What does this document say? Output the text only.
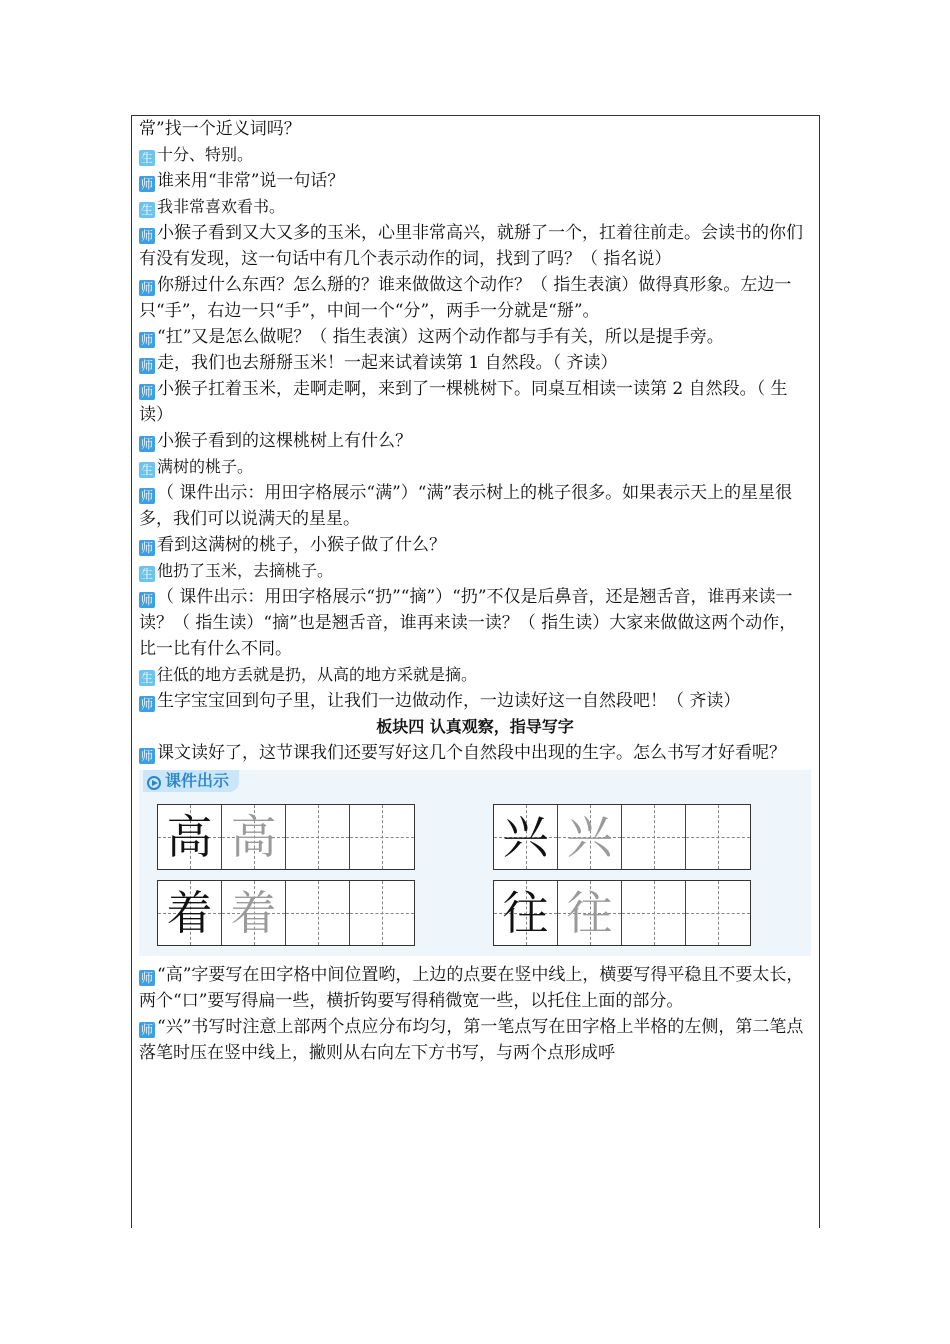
常”找一个近义词吗？

生 十分、特别。

师 谁来用“非常”说一句话？

生 我非常喜欢看书。

师 小猴子看到又大又多的玉米，心里非常高兴，就掰了一个，扛着往前走。会读书的你们有没有发现，这一句话中有几个表示动作的词，找到了吗？（ 指名说）

师 你掰过什么东西？怎么掰的？谁来做做这个动作？（ 指生表演）做得真形象。左边一只“手”，右边一只“手”，中间一个“分”，两手一分就是“掰”。

师 “扛”又是怎么做呢？（ 指生表演）这两个动作都与手有关，所以是提手旁。

师 走，我们也去掰掰玉米！一起来试着读第 1 自然段。（ 齐读）

师 小猴子扛着玉米，走啊走啊，来到了一棵桃树下。同桌互相读一读第 2 自然段。（ 生读）

师 小猴子看到的这棵桃树上有什么？

生 满树的桃子。

师 （ 课件出示：用田字格展示“满”）“满”表示树上的桃子很多。如果表示天上的星星很多，我们可以说满天的星星。

师 看到这满树的桃子，小猴子做了什么？

生 他扔了玉米，去摘桃子。

师 （ 课件出示：用田字格展示“扔”“摘”）“扔”不仅是后鼻音，还是翘舌音，谁再来读一读？（ 指生读）“摘”也是翘舌音，谁再来读一读？（ 指生读）大家来做做这两个动作，比一比有什么不同。

生 往低的地方丢就是扔，从高的地方采就是摘。

师 生字宝宝回到句子里，让我们一边做动作，一边读好这一自然段吧！（ 齐读）

板块四 认真观察，指导写字

师 课文读好了，这节课我们还要写好这几个自然段中出现的生字。怎么书写才好看呢？

课件出示
高 高	兴 兴
着 着	往 往

师 “高”字要写在田字格中间位置哟，上边的点要在竖中线上，横要写得平稳且不要太长，两个“口”要写得扁一些，横折钩要写得稍微宽一些，以托住上面的部分。

师 “兴”书写时注意上部两个点应分布均匀，第一笔点写在田字格上半格的左侧，第二笔点落笔时压在竖中线上，撇则从右向左下方书写，与两个点形成呼
